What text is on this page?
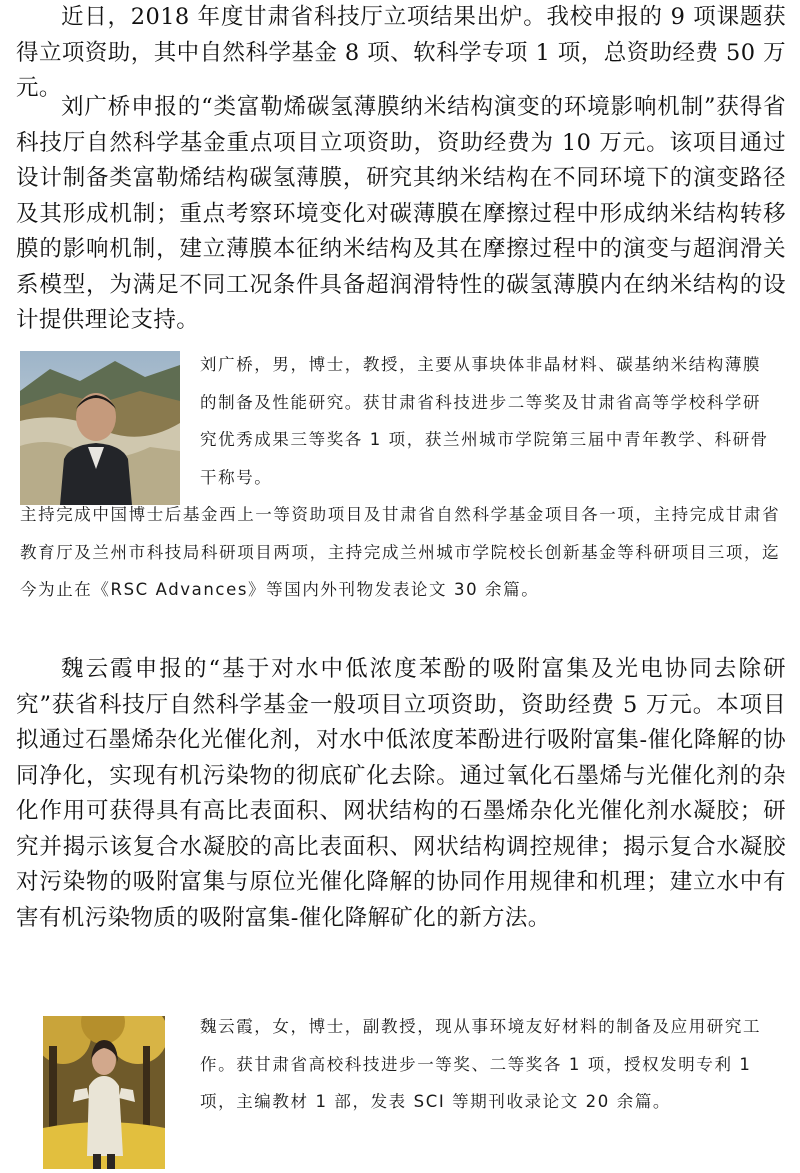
近日，2018 年度甘肃省科技厅立项结果出炉。我校申报的 9 项课题获得立项资助，其中自然科学基金 8 项、软科学专项 1 项，总资助经费 50 万元。

刘广桥申报的“类富勒烯碳氢薄膜纳米结构演变的环境影响机制”获得省科技厅自然科学基金重点项目立项资助，资助经费为 10 万元。该项目通过设计制备类富勒烯结构碳氢薄膜，研究其纳米结构在不同环境下的演变路径及其形成机制；重点考察环境变化对碳薄膜在摩擦过程中形成纳米结构转移膜的影响机制，建立薄膜本征纳米结构及其在摩擦过程中的演变与超润滑关系模型，为满足不同工况条件具备超润滑特性的碳氢薄膜内在纳米结构的设计提供理论支持。

刘广桥，男，博士，教授，主要从事块体非晶材料、碳基纳米结构薄膜的制备及性能研究。获甘肃省科技进步二等奖及甘肃省高等学校科学研究优秀成果三等奖各 1 项，获兰州城市学院第三届中青年教学、科研骨干称号。

主持完成中国博士后基金西上一等资助项目及甘肃省自然科学基金项目各一项，主持完成甘肃省教育厅及兰州市科技局科研项目两项，主持完成兰州城市学院校长创新基金等科研项目三项，迄今为止在《RSC Advances》等国内外刊物发表论文 30 余篇。

魏云霞申报的“基于对水中低浓度苯酚的吸附富集及光电协同去除研究”获省科技厅自然科学基金一般项目立项资助，资助经费 5 万元。本项目拟通过石墨烯杂化光催化剂，对水中低浓度苯酚进行吸附富集-催化降解的协同净化，实现有机污染物的彻底矿化去除。通过氧化石墨烯与光催化剂的杂化作用可获得具有高比表面积、网状结构的石墨烯杂化光催化剂水凝胶；研究并揭示该复合水凝胶的高比表面积、网状结构调控规律；揭示复合水凝胶对污染物的吸附富集与原位光催化降解的协同作用规律和机理；建立水中有害有机污染物质的吸附富集-催化降解矿化的新方法。

魏云霞，女，博士，副教授，现从事环境友好材料的制备及应用研究工作。获甘肃省高校科技进步一等奖、二等奖各 1 项，授权发明专利 1 项，主编教材 1 部，发表 SCI 等期刊收录论文 20 余篇。
